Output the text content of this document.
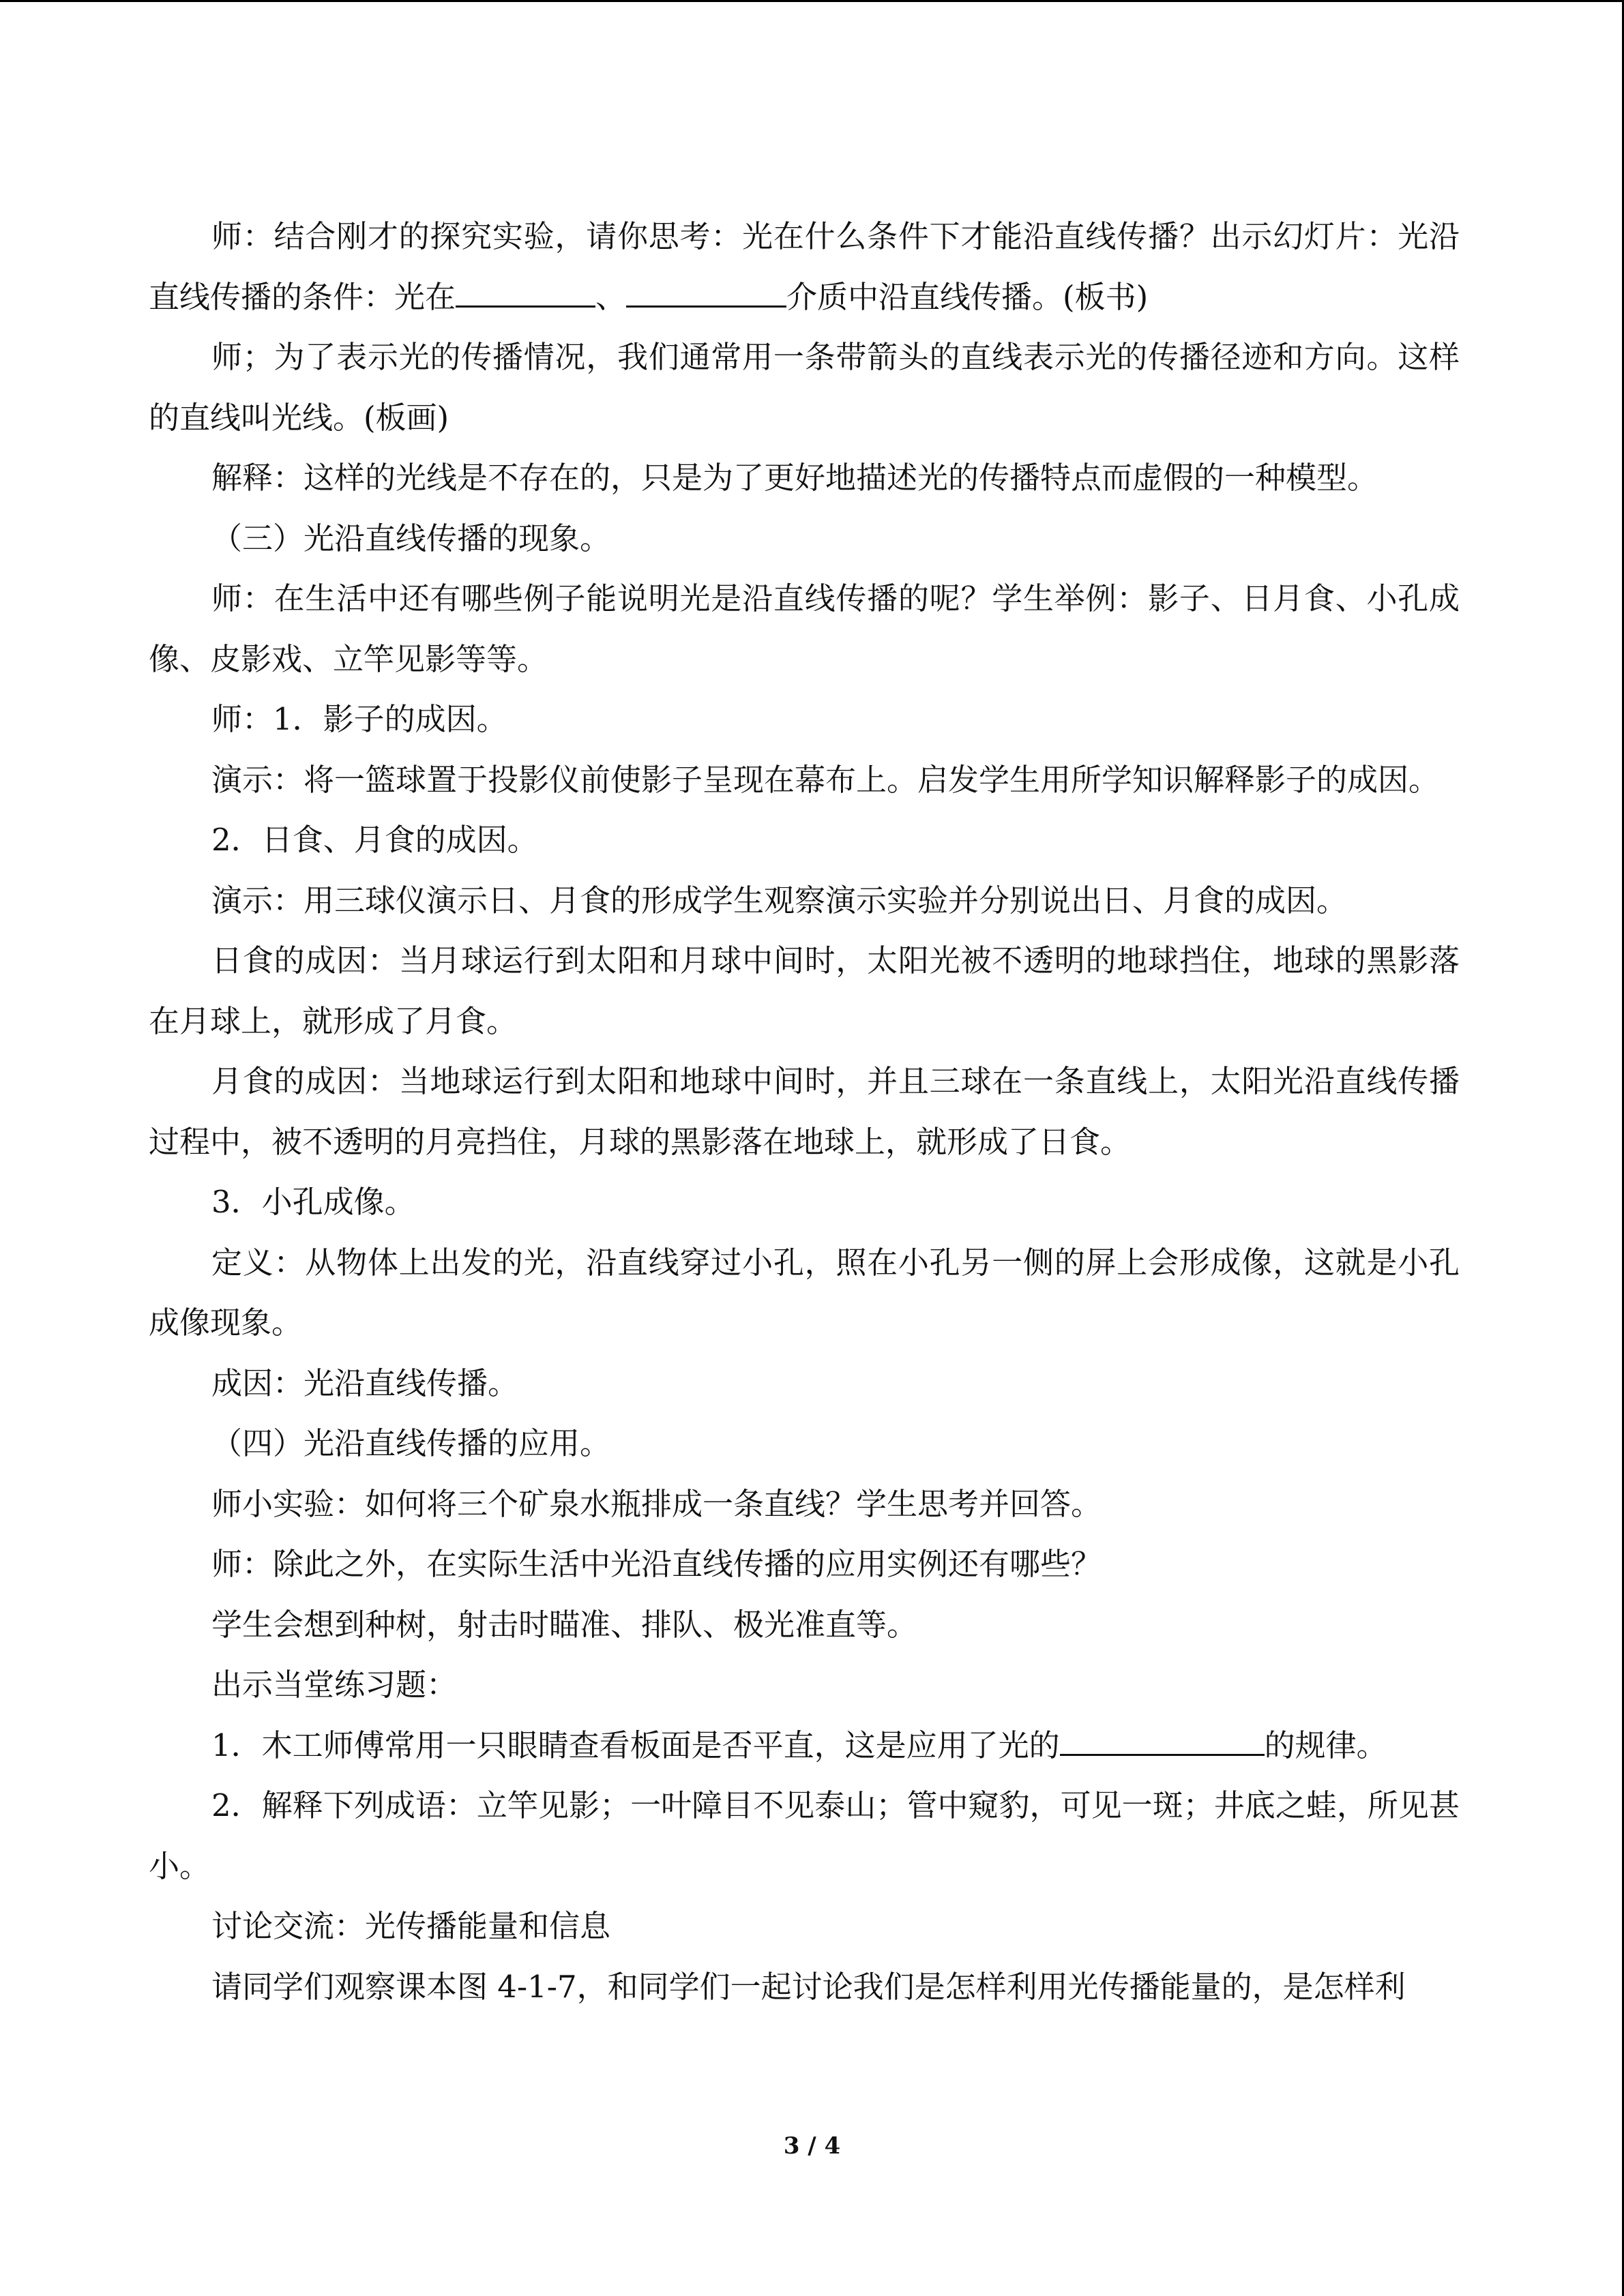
师：结合刚才的探究实验，请你思考：光在什么条件下才能沿直线传播？出示幻灯片：光沿直线传播的条件：光在	、	介质中沿直线传播。(板书)

师；为了表示光的传播情况，我们通常用一条带箭头的直线表示光的传播径迹和方向。这样的直线叫光线。(板画)

解释：这样的光线是不存在的，只是为了更好地描述光的传播特点而虚假的一种模型。

（三）光沿直线传播的现象。

师：在生活中还有哪些例子能说明光是沿直线传播的呢？学生举例：影子、日月食、小孔成像、皮影戏、立竿见影等等。

师：1．影子的成因。

演示：将一篮球置于投影仪前使影子呈现在幕布上。启发学生用所学知识解释影子的成因。

2．日食、月食的成因。

演示：用三球仪演示日、月食的形成学生观察演示实验并分别说出日、月食的成因。

日食的成因：当月球运行到太阳和月球中间时，太阳光被不透明的地球挡住，地球的黑影落在月球上，就形成了月食。

月食的成因：当地球运行到太阳和地球中间时，并且三球在一条直线上，太阳光沿直线传播过程中，被不透明的月亮挡住，月球的黑影落在地球上，就形成了日食。

3．小孔成像。

定义：从物体上出发的光，沿直线穿过小孔，照在小孔另一侧的屏上会形成像，这就是小孔成像现象。

成因：光沿直线传播。

（四）光沿直线传播的应用。

师小实验：如何将三个矿泉水瓶排成一条直线？学生思考并回答。

师：除此之外，在实际生活中光沿直线传播的应用实例还有哪些？

学生会想到种树，射击时瞄准、排队、极光准直等。

出示当堂练习题：

1．木工师傅常用一只眼睛查看板面是否平直，这是应用了光的	的规律。

2．解释下列成语：立竿见影；一叶障目不见泰山；管中窥豹，可见一斑；井底之蛙，所见甚小。

讨论交流：光传播能量和信息

请同学们观察课本图 4-1-7，和同学们一起讨论我们是怎样利用光传播能量的，是怎样利

3 / 4
